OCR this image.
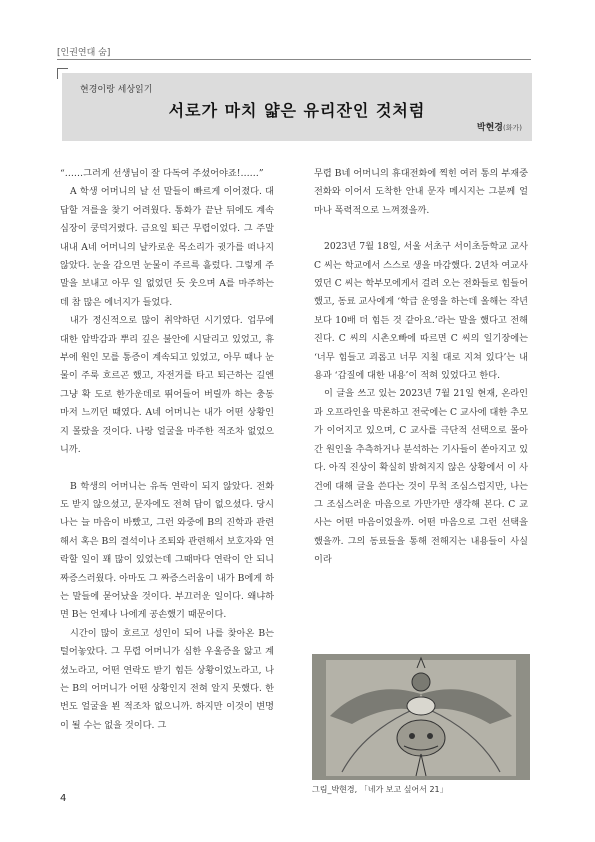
[인권연대 숨]
현경이랑 세상읽기
서로가 마치 얇은 유리잔인 것처럼
박현경(화가)

“……그러게 선생님이 잘 다독여 주셨어야죠!……”

A 학생 어머니의 날 선 말들이 빠르게 이어졌다. 대답할 겨를을 찾기 어려웠다. 통화가 끝난 뒤에도 계속 심장이 쿵덕거렸다. 금요일 퇴근 무렵이었다. 그 주말 내내 A네 어머니의 날카로운 목소리가 귓가를 떠나지 않았다. 눈을 감으면 눈물이 주르륵 흘렀다. 그렇게 주말을 보내고 아무 일 없었던 듯 웃으며 A를 마주하는 데 참 많은 에너지가 들었다.

내가 정신적으로 많이 취약하던 시기였다. 업무에 대한 압박감과 뿌리 깊은 불안에 시달리고 있었고, 휴부에 원인 모를 통증이 계속되고 있었고, 아무 때나 눈물이 주룩 흐르곤 했고, 자전거를 타고 퇴근하는 길엔 그냥 확 도로 한가운데로 뛰어들어 버릴까 하는 충동마저 느끼던 때였다. A네 어머니는 내가 어떤 상황인지 몰랐을 것이다. 나랑 얼굴을 마주한 적조차 없었으니까.

B 학생의 어머니는 유독 연락이 되지 않았다. 전화도 받지 않으셨고, 문자에도 전혀 답이 없으셨다. 당시 나는 늘 마음이 바빴고, 그런 와중에 B의 진학과 관련해서 혹은 B의 결석이나 조퇴와 관련해서 보호자와 연락할 일이 꽤 많이 있었는데 그때마다 연락이 안 되니 짜증스러웠다. 아마도 그 짜증스러움이 내가 B에게 하는 말들에 묻어났을 것이다. 부끄러운 일이다. 왜냐하면 B는 언제나 나에게 공손했기 때문이다.

시간이 많이 흐르고 성인이 되어 나를 찾아온 B는 털어놓았다. 그 무렵 어머니가 심한 우울증을 앓고 계셨노라고, 어떤 연락도 받기 힘든 상황이었노라고, 나는 B의 어머니가 어떤 상황인지 전혀 알지 못했다. 한 번도 얼굴을 뵌 적조차 없으니까. 하지만 이것이 변명이 될 수는 없을 것이다. 그

무렵 B네 어머니의 휴대전화에 찍힌 여러 통의 부재중전화와 이어서 도착한 안내 문자 메시지는 그분께 얼마나 폭력적으로 느껴졌을까.

2023년 7월 18일, 서울 서초구 서이초등학교 교사 C 씨는 학교에서 스스로 생을 마감했다. 2년차 여교사였던 C 씨는 학부모에게서 걸려 오는 전화들로 힘들어했고, 동료 교사에게 ‘학급 운영을 하는데 올해는 작년보다 10배 더 힘든 것 같아요.’라는 말을 했다고 전해진다. C 씨의 시촌오빠에 따르면 C 씨의 일기장에는 ‘너무 힘들고 괴롭고 너무 지칠 대로 지쳐 있다’는 내용과 ‘갑질에 대한 내용’이 적혀 있었다고 한다.

이 글을 쓰고 있는 2023년 7월 21일 현재, 온라인과 오프라인을 막론하고 전국에는 C 교사에 대한 추모가 이어지고 있으며, C 교사를 극단적 선택으로 몰아간 원인을 추측하거나 분석하는 기사들이 쏟아지고 있다. 아직 진상이 확실히 밝혀지지 않은 상황에서 이 사건에 대해 글을 쓴다는 것이 무척 조심스럽지만, 나는 그 조심스러운 마음으로 가만가만 생각해 본다. C 교사는 어떤 마음이었을까. 어떤 마음으로 그런 선택을 했을까. 그의 동료들을 통해 전해지는 내용들이 사실이라

그림_박현경, 「네가 보고 싶어서 21」
4
